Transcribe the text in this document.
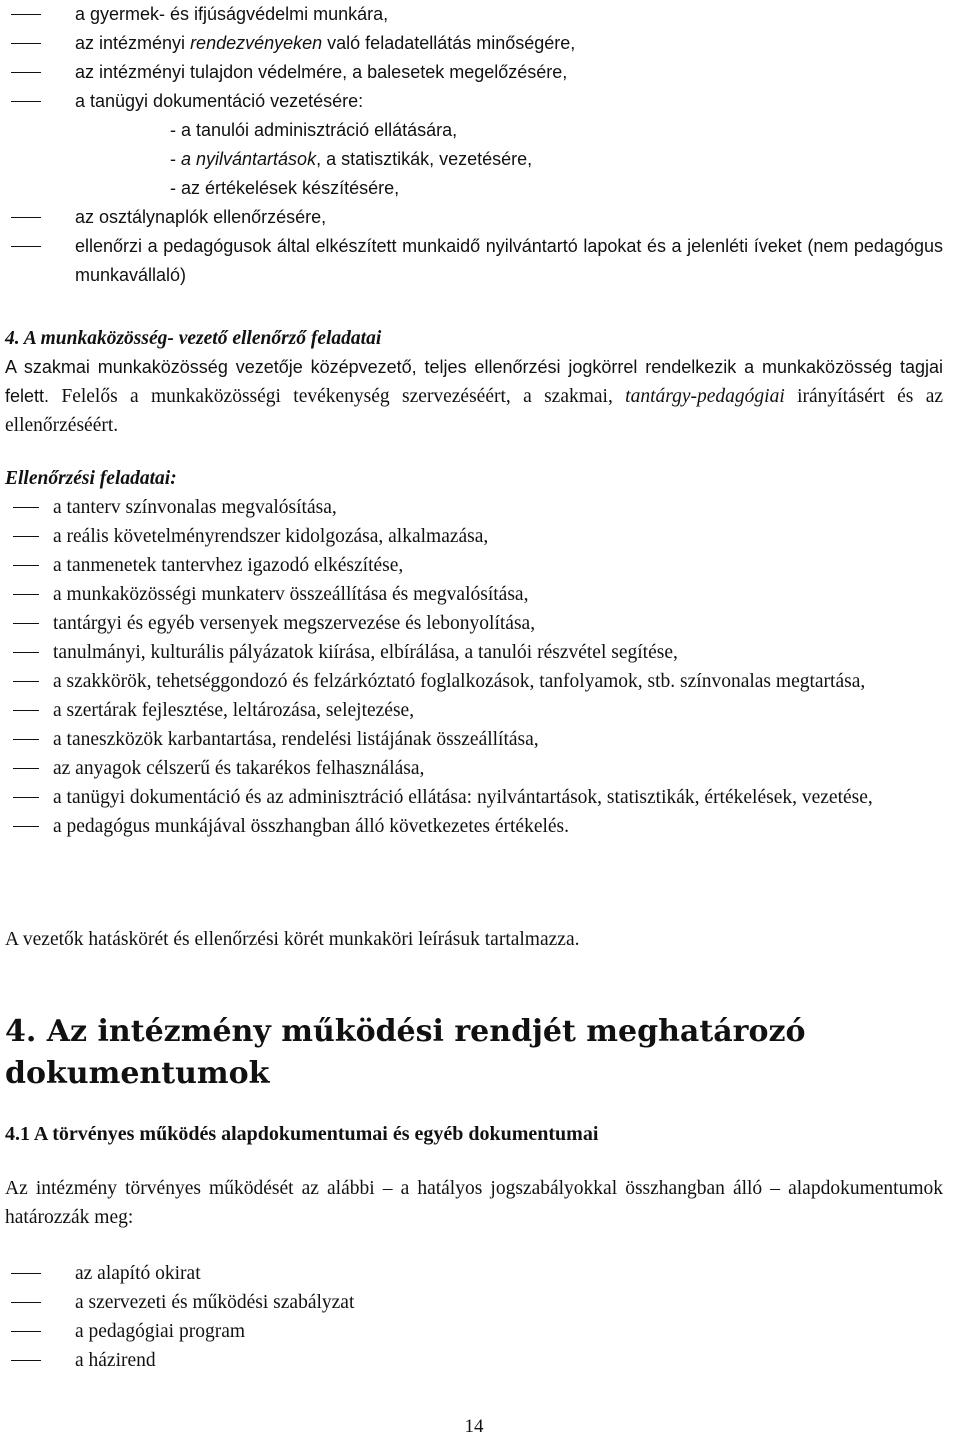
a gyermek- és ifjúságvédelmi munkára,
az intézményi rendezvényeken való feladatellátás minőségére,
az intézményi tulajdon védelmére, a balesetek megelőzésére,
a tanügyi dokumentáció vezetésére:
- a tanulói adminisztráció ellátására,
- a nyilvántartások, a statisztikák, vezetésére,
- az értékelések készítésére,
az osztálynaplók ellenőrzésére,
ellenőrzi a pedagógusok által elkészített munkaidő nyilvántartó lapokat és a jelenléti íveket (nem pedagógus munkavállaló)
4. A munkaközösség- vezető ellenőrző feladatai
A szakmai munkaközösség vezetője középvezető, teljes ellenőrzési jogkörrel rendelkezik a munkaközösség tagjai felett. Felelős a munkaközösségi tevékenység szervezéséért, a szakmai, tantárgy-pedagógiai irányításért és az ellenőrzéséért.
Ellenőrzési feladatai:
a tanterv színvonalas megvalósítása,
a reális követelményrendszer kidolgozása, alkalmazása,
a tanmenetek tantervhez igazodó elkészítése,
a munkaközösségi munkaterv összeállítása és megvalósítása,
tantárgyi és egyéb versenyek megszervezése és lebonyolítása,
tanulmányi, kulturális pályázatok kiírása, elbírálása, a tanulói részvétel segítése,
a szakkörök, tehetséggondozó és felzárkóztató foglalkozások, tanfolyamok, stb. színvonalas megtartása,
a szertárak fejlesztése, leltározása, selejtezése,
a taneszközök karbantartása, rendelési listájának összeállítása,
az anyagok célszerű és takarékos felhasználása,
a tanügyi dokumentáció és az adminisztráció ellátása: nyilvántartások, statisztikák, értékelések, vezetése,
a pedagógus munkájával összhangban álló következetes értékelés.
A vezetők hatáskörét és ellenőrzési körét munkaköri leírásuk tartalmazza.
4. Az intézmény működési rendjét meghatározó dokumentumok
4.1 A törvényes működés alapdokumentumai és egyéb dokumentumai
Az intézmény törvényes működését az alábbi – a hatályos jogszabályokkal összhangban álló – alapdokumentumok határozzák meg:
az alapító okirat
a szervezeti és működési szabályzat
a pedagógiai program
a házirend
14
